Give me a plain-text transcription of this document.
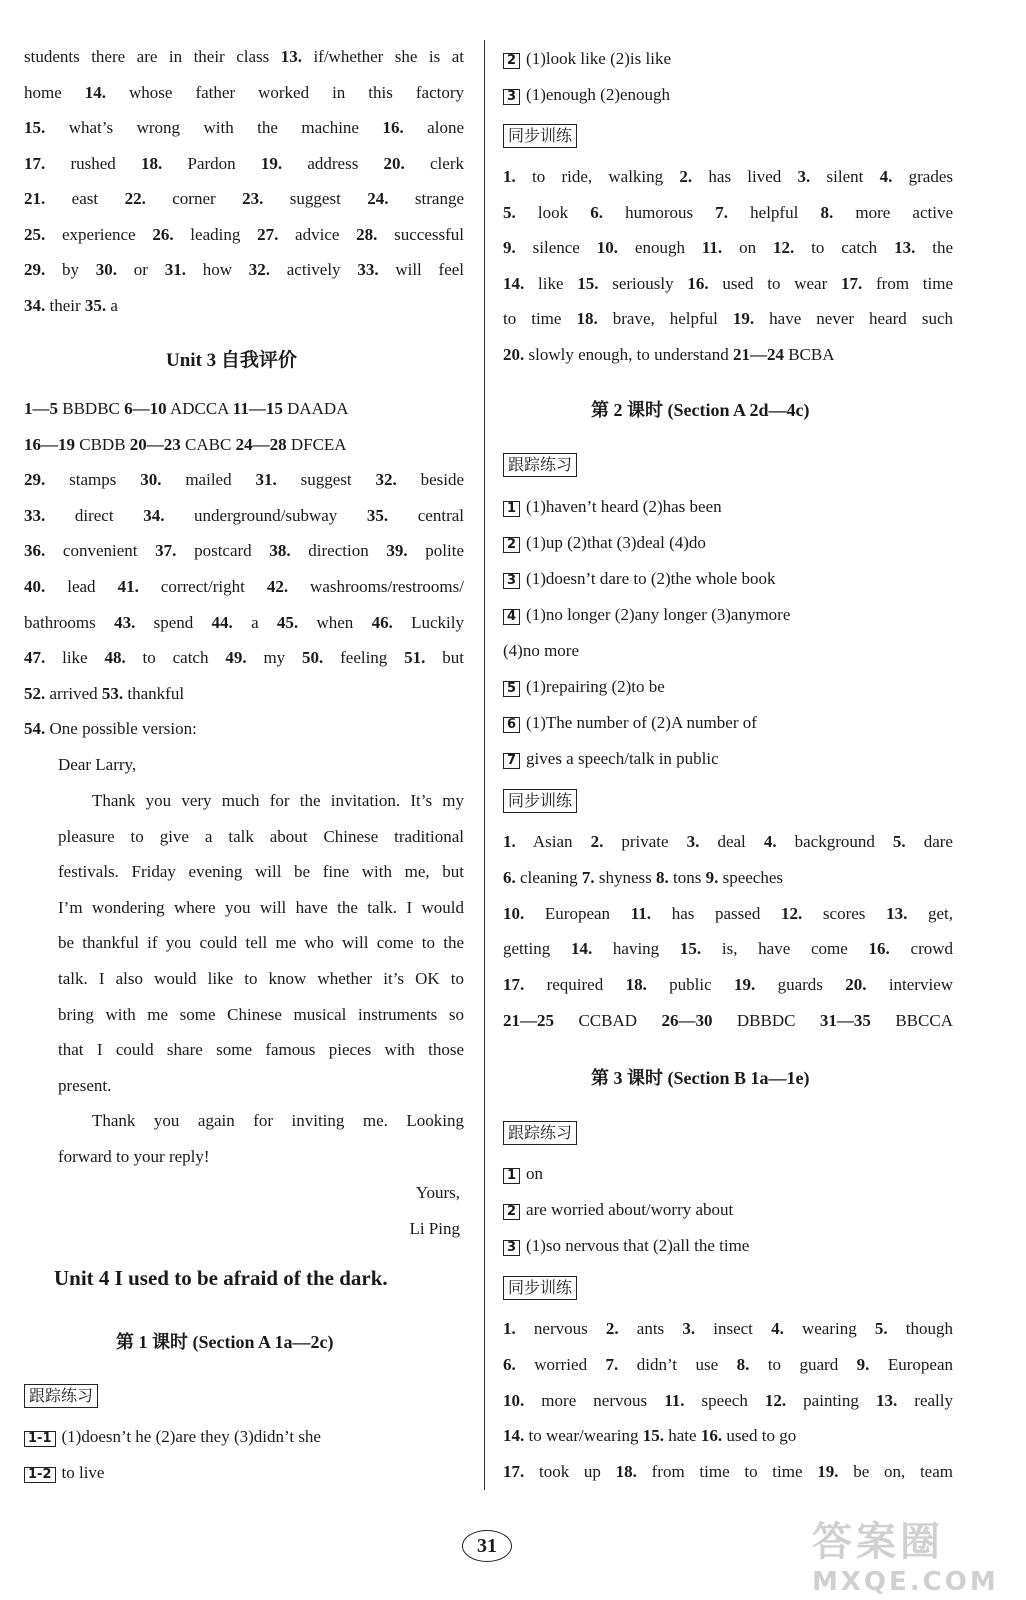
students there are in their class 13. if/whether she is at
home 14. whose father worked in this factory
15. what’s wrong with the machine 16. alone
17. rushed 18. Pardon 19. address 20. clerk
21. east 22. corner 23. suggest 24. strange
25. experience 26. leading 27. advice 28. successful
29. by 30. or 31. how 32. actively 33. will feel
34. their 35. a
Unit 3 自我评价
1—5 BBDBC 6—10 ADCCA 11—15 DAADA
16—19 CBDB 20—23 CABC 24—28 DFCEA
29. stamps 30. mailed 31. suggest 32. beside
33. direct 34. underground/subway 35. central
36. convenient 37. postcard 38. direction 39. polite
40. lead 41. correct/right 42. washrooms/restrooms/
bathrooms 43. spend 44. a 45. when 46. Luckily
47. like 48. to catch 49. my 50. feeling 51. but
52. arrived 53. thankful
54. One possible version:
Dear Larry,
Thank you very much for the invitation. It’s my
pleasure to give a talk about Chinese traditional
festivals. Friday evening will be fine with me, but
I’m wondering where you will have the talk. I would
be thankful if you could tell me who will come to the
talk. I also would like to know whether it’s OK to
bring with me some Chinese musical instruments so
that I could share some famous pieces with those
present.
Thank you again for inviting me. Looking
forward to your reply!
Yours,
Li Ping
Unit 4 I used to be afraid of the dark.
第 1 课时 (Section A 1a—2c)
跟踪练习
1-1 (1)doesn’t he (2)are they (3)didn’t she
1-2 to live
2 (1)look like (2)is like
3 (1)enough (2)enough
同步训练
1. to ride, walking 2. has lived 3. silent 4. grades
5. look 6. humorous 7. helpful 8. more active
9. silence 10. enough 11. on 12. to catch 13. the
14. like 15. seriously 16. used to wear 17. from time
to time 18. brave, helpful 19. have never heard such
20. slowly enough, to understand 21—24 BCBA
第 2 课时 (Section A 2d—4c)
跟踪练习
1 (1)haven’t heard (2)has been
2 (1)up (2)that (3)deal (4)do
3 (1)doesn’t dare to (2)the whole book
4 (1)no longer (2)any longer (3)anymore
(4)no more
5 (1)repairing (2)to be
6 (1)The number of (2)A number of
7 gives a speech/talk in public
同步训练
1. Asian 2. private 3. deal 4. background 5. dare
6. cleaning 7. shyness 8. tons 9. speeches
10. European 11. has passed 12. scores 13. get,
getting 14. having 15. is, have come 16. crowd
17. required 18. public 19. guards 20. interview
21—25 CCBAD 26—30 DBBDC 31—35 BBCCA
第 3 课时 (Section B 1a—1e)
跟踪练习
1 on
2 are worried about/worry about
3 (1)so nervous that (2)all the time
同步训练
1. nervous 2. ants 3. insect 4. wearing 5. though
6. worried 7. didn’t use 8. to guard 9. European
10. more nervous 11. speech 12. painting 13. really
14. to wear/wearing 15. hate 16. used to go
17. took up 18. from time to time 19. be on, team
31	答案圈
MXQE.COM
